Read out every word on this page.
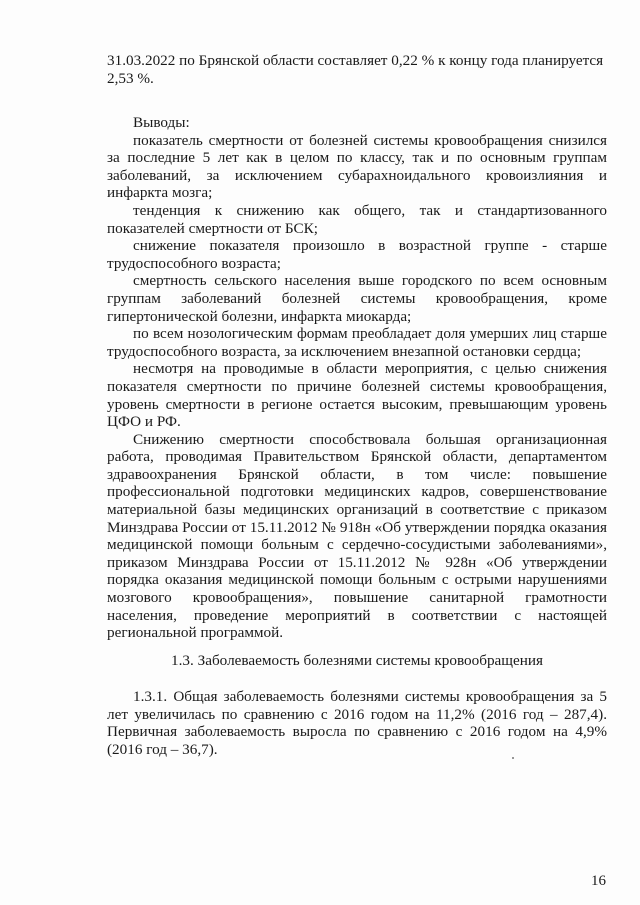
31.03.2022 по Брянской области составляет 0,22 % к концу года планируется 2,53 %.

Выводы:

показатель смертности от болезней системы кровообращения снизился за последние 5 лет как в целом по классу, так и по основным группам заболеваний, за исключением субарахноидального кровоизлияния и инфаркта мозга;

тенденция к снижению как общего, так и стандартизованного показателей смертности от БСК;

снижение показателя произошло в возрастной группе - старше трудоспособного возраста;

смертность сельского населения выше городского по всем основным группам заболеваний болезней системы кровообращения, кроме гипертонической болезни, инфаркта миокарда;

по всем нозологическим формам преобладает доля умерших лиц старше трудоспособного возраста, за исключением внезапной остановки сердца;

несмотря на проводимые в области мероприятия, с целью снижения показателя смертности по причине болезней системы кровообращения, уровень смертности в регионе остается высоким, превышающим уровень ЦФО и РФ.

Снижению смертности способствовала большая организационная работа, проводимая Правительством Брянской области, департаментом здравоохранения Брянской области, в том числе: повышение профессиональной подготовки медицинских кадров, совершенствование материальной базы медицинских организаций в соответствие с приказом Минздрава России от 15.11.2012 № 918н «Об утверждении порядка оказания медицинской помощи больным с сердечно-сосудистыми заболеваниями», приказом Минздрава России от 15.11.2012 № 928н «Об утверждении порядка оказания медицинской помощи больным с острыми нарушениями мозгового кровообращения», повышение санитарной грамотности населения, проведение мероприятий в соответствии с настоящей региональной программой.

1.3. Заболеваемость болезнями системы кровообращения

1.3.1. Общая заболеваемость болезнями системы кровообращения за 5 лет увеличилась по сравнению с 2016 годом на 11,2% (2016 год – 287,4). Первичная заболеваемость выросла по сравнению с 2016 годом на 4,9% (2016 год – 36,7).

16
